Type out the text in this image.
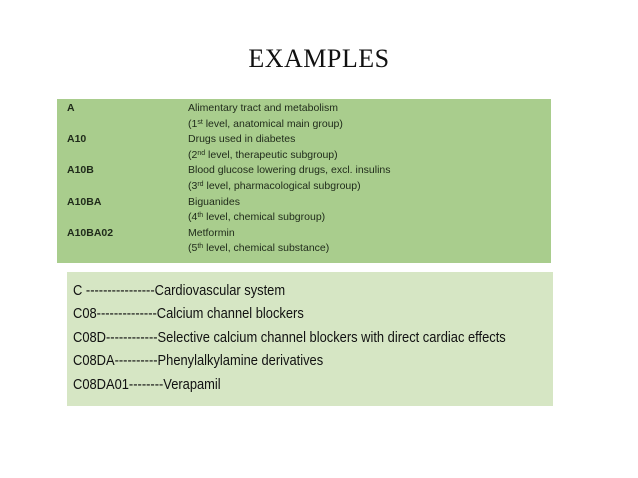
EXAMPLES
A	Alimentary tract and metabolism
(1st level, anatomical main group)
A10	Drugs used in diabetes
(2nd level, therapeutic subgroup)
A10B	Blood glucose lowering drugs, excl. insulins
(3rd level, pharmacological subgroup)
A10BA	Biguanides
(4th level, chemical subgroup)
A10BA02	Metformin
(5th level, chemical substance)
C ----------------Cardiovascular system
C08--------------Calcium channel blockers
C08D------------Selective calcium channel blockers with direct cardiac effects
C08DA----------Phenylalkylamine derivatives
C08DA01--------Verapamil
